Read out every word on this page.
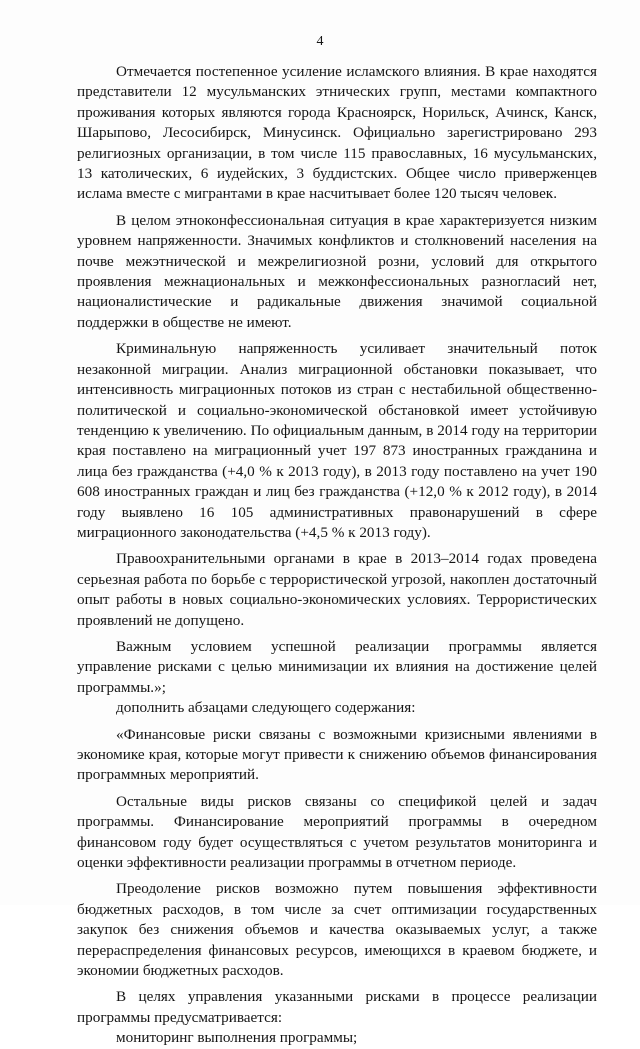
4

Отмечается постепенное усиление исламского влияния. В крае находятся представители 12 мусульманских этнических групп, местами компактного проживания которых являются города Красноярск, Норильск, Ачинск, Канск, Шарыпово, Лесосибирск, Минусинск. Официально зарегистрировано 293 религиозных организации, в том числе 115 православных, 16 мусульманских, 13 католических, 6 иудейских, 3 буддистских. Общее число приверженцев ислама вместе с мигрантами в крае насчитывает более 120 тысяч человек.

В целом этноконфессиональная ситуация в крае характеризуется низким уровнем напряженности. Значимых конфликтов и столкновений населения на почве межэтнической и межрелигиозной розни, условий для открытого проявления межнациональных и межконфессиональных разногласий нет, националистические и радикальные движения значимой социальной поддержки в обществе не имеют.

Криминальную напряженность усиливает значительный поток незаконной миграции. Анализ миграционной обстановки показывает, что интенсивность миграционных потоков из стран с нестабильной общественно-политической и социально-экономической обстановкой имеет устойчивую тенденцию к увеличению. По официальным данным, в 2014 году на территории края поставлено на миграционный учет 197 873 иностранных гражданина и лица без гражданства (+4,0 % к 2013 году), в 2013 году поставлено на учет 190 608 иностранных граждан и лиц без гражданства (+12,0 % к 2012 году), в 2014 году выявлено 16 105 административных правонарушений в сфере миграционного законодательства (+4,5 % к 2013 году).

Правоохранительными органами в крае в 2013–2014 годах проведена серьезная работа по борьбе с террористической угрозой, накоплен достаточный опыт работы в новых социально-экономических условиях. Террористических проявлений не допущено.

Важным условием успешной реализации программы является управление рисками с целью минимизации их влияния на достижение целей программы.»;

дополнить абзацами следующего содержания:

«Финансовые риски связаны с возможными кризисными явлениями в экономике края, которые могут привести к снижению объемов финансирования программных мероприятий.

Остальные виды рисков связаны со спецификой целей и задач программы. Финансирование мероприятий программы в очередном финансовом году будет осуществляться с учетом результатов мониторинга и оценки эффективности реализации программы в отчетном периоде.

Преодоление рисков возможно путем повышения эффективности бюджетных расходов, в том числе за счет оптимизации государственных закупок без снижения объемов и качества оказываемых услуг, а также перераспределения финансовых ресурсов, имеющихся в краевом бюджете, и экономии бюджетных расходов.

В целях управления указанными рисками в процессе реализации программы предусматривается:

мониторинг выполнения программы;
